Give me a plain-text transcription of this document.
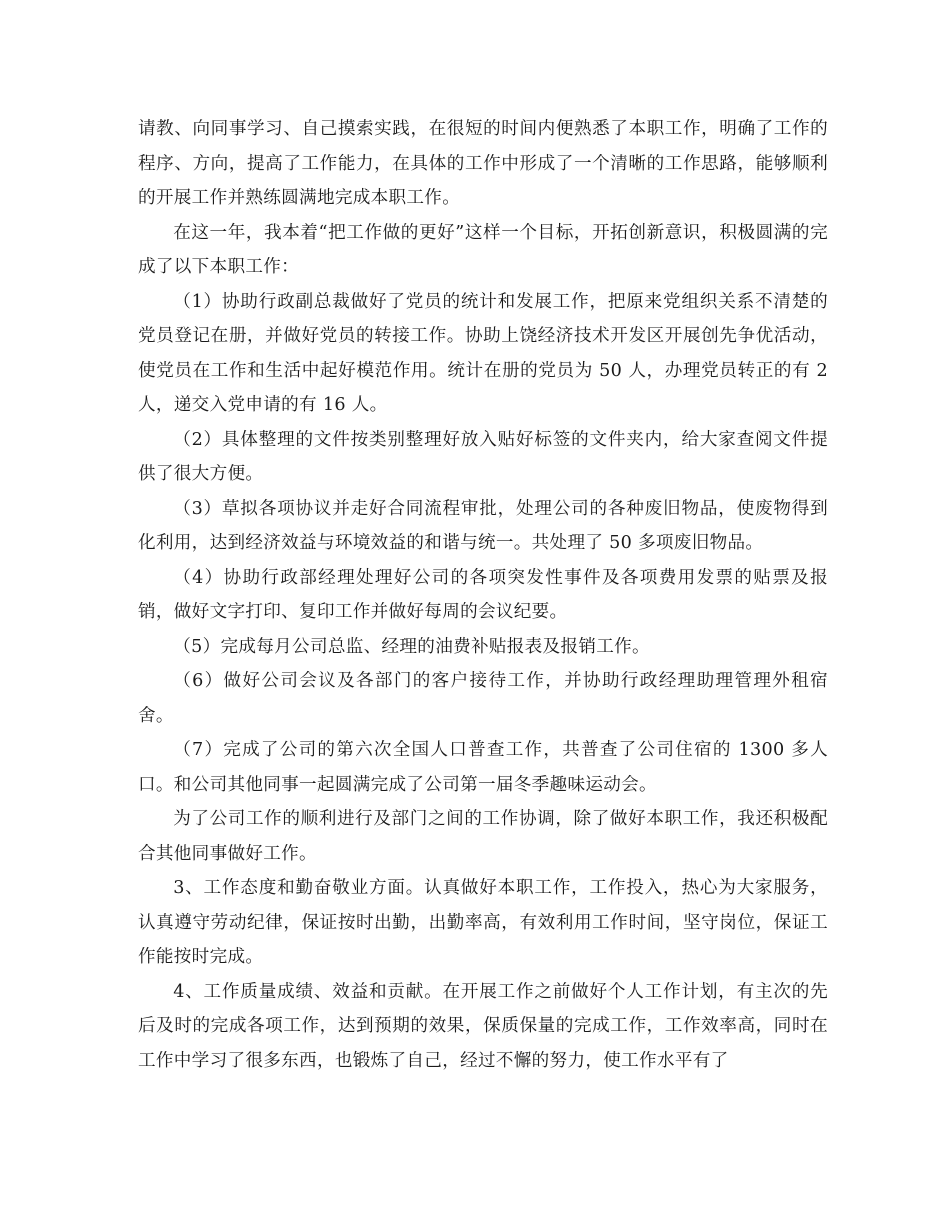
请教、向同事学习、自己摸索实践，在很短的时间内便熟悉了本职工作，明确了工作的程序、方向，提高了工作能力，在具体的工作中形成了一个清晰的工作思路，能够顺利的开展工作并熟练圆满地完成本职工作。

在这一年，我本着“把工作做的更好”这样一个目标，开拓创新意识，积极圆满的完成了以下本职工作：

（1）协助行政副总裁做好了党员的统计和发展工作，把原来党组织关系不清楚的党员登记在册，并做好党员的转接工作。协助上饶经济技术开发区开展创先争优活动，使党员在工作和生活中起好模范作用。统计在册的党员为 50 人，办理党员转正的有 2 人，递交入党申请的有 16 人。

（2）具体整理的文件按类别整理好放入贴好标签的文件夹内，给大家查阅文件提供了很大方便。

（3）草拟各项协议并走好合同流程审批，处理公司的各种废旧物品，使废物得到化利用，达到经济效益与环境效益的和谐与统一。共处理了 50 多项废旧物品。

（4）协助行政部经理处理好公司的各项突发性事件及各项费用发票的贴票及报销，做好文字打印、复印工作并做好每周的会议纪要。

（5）完成每月公司总监、经理的油费补贴报表及报销工作。

（6）做好公司会议及各部门的客户接待工作，并协助行政经理助理管理外租宿舍。

（7）完成了公司的第六次全国人口普查工作，共普查了公司住宿的 1300 多人口。和公司其他同事一起圆满完成了公司第一届冬季趣味运动会。

为了公司工作的顺利进行及部门之间的工作协调，除了做好本职工作，我还积极配合其他同事做好工作。

3、工作态度和勤奋敬业方面。认真做好本职工作，工作投入，热心为大家服务，认真遵守劳动纪律，保证按时出勤，出勤率高，有效利用工作时间，坚守岗位，保证工作能按时完成。

4、工作质量成绩、效益和贡献。在开展工作之前做好个人工作计划，有主次的先后及时的完成各项工作，达到预期的效果，保质保量的完成工作，工作效率高，同时在工作中学习了很多东西，也锻炼了自己，经过不懈的努力，使工作水平有了
